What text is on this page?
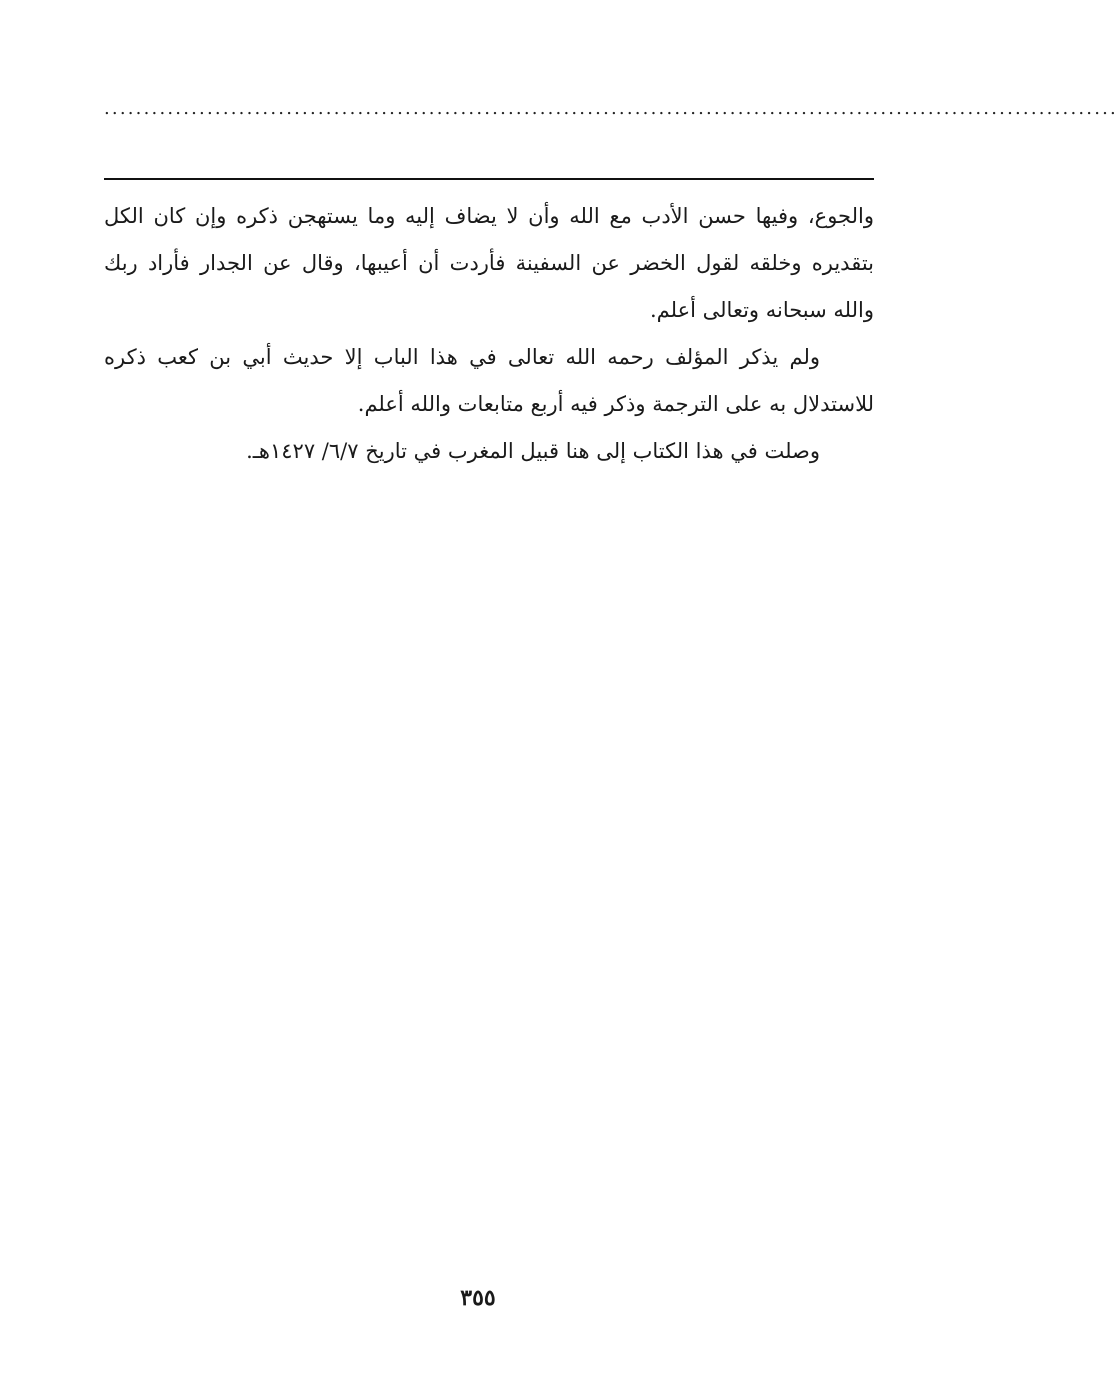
................................................................................................................................

والجوع، وفيها حسن الأدب مع الله وأن لا يضاف إليه وما يستهجن ذكره وإن كان الكل بتقديره وخلقه لقول الخضر عن السفينة فأردت أن أعيبها، وقال عن الجدار فأراد ربك والله سبحانه وتعالى أعلم.

ولم يذكر المؤلف رحمه الله تعالى في هذا الباب إلا حديث أبي بن كعب ذكره للاستدلال به على الترجمة وذكر فيه أربع متابعات والله أعلم.

وصلت في هذا الكتاب إلى هنا قبيل المغرب في تاريخ ٦/٧/ ١٤٢٧هـ.

٣٥٥
